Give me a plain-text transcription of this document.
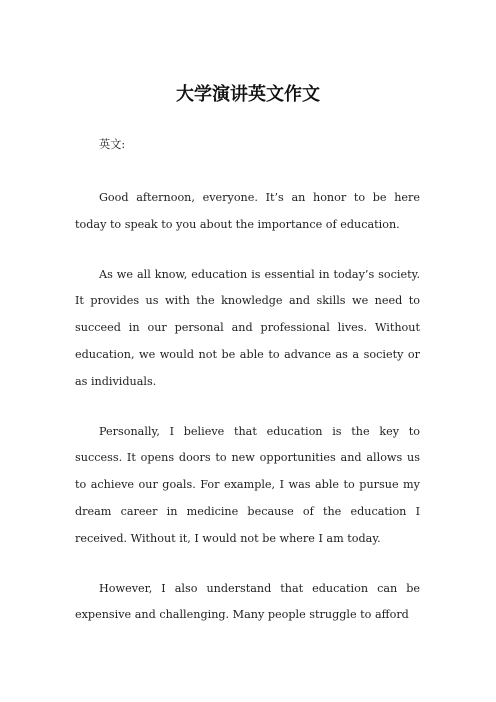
大学演讲英文作文

英文:

Good afternoon, everyone. It’s an honor to be here today to speak to you about the importance of education.

As we all know, education is essential in today’s society. It provides us with the knowledge and skills we need to succeed in our personal and professional lives. Without education, we would not be able to advance as a society or as individuals.

Personally, I believe that education is the key to success. It opens doors to new opportunities and allows us to achieve our goals. For example, I was able to pursue my dream career in medicine because of the education I received. Without it, I would not be where I am today.

However, I also understand that education can be expensive and challenging. Many people struggle to afford
